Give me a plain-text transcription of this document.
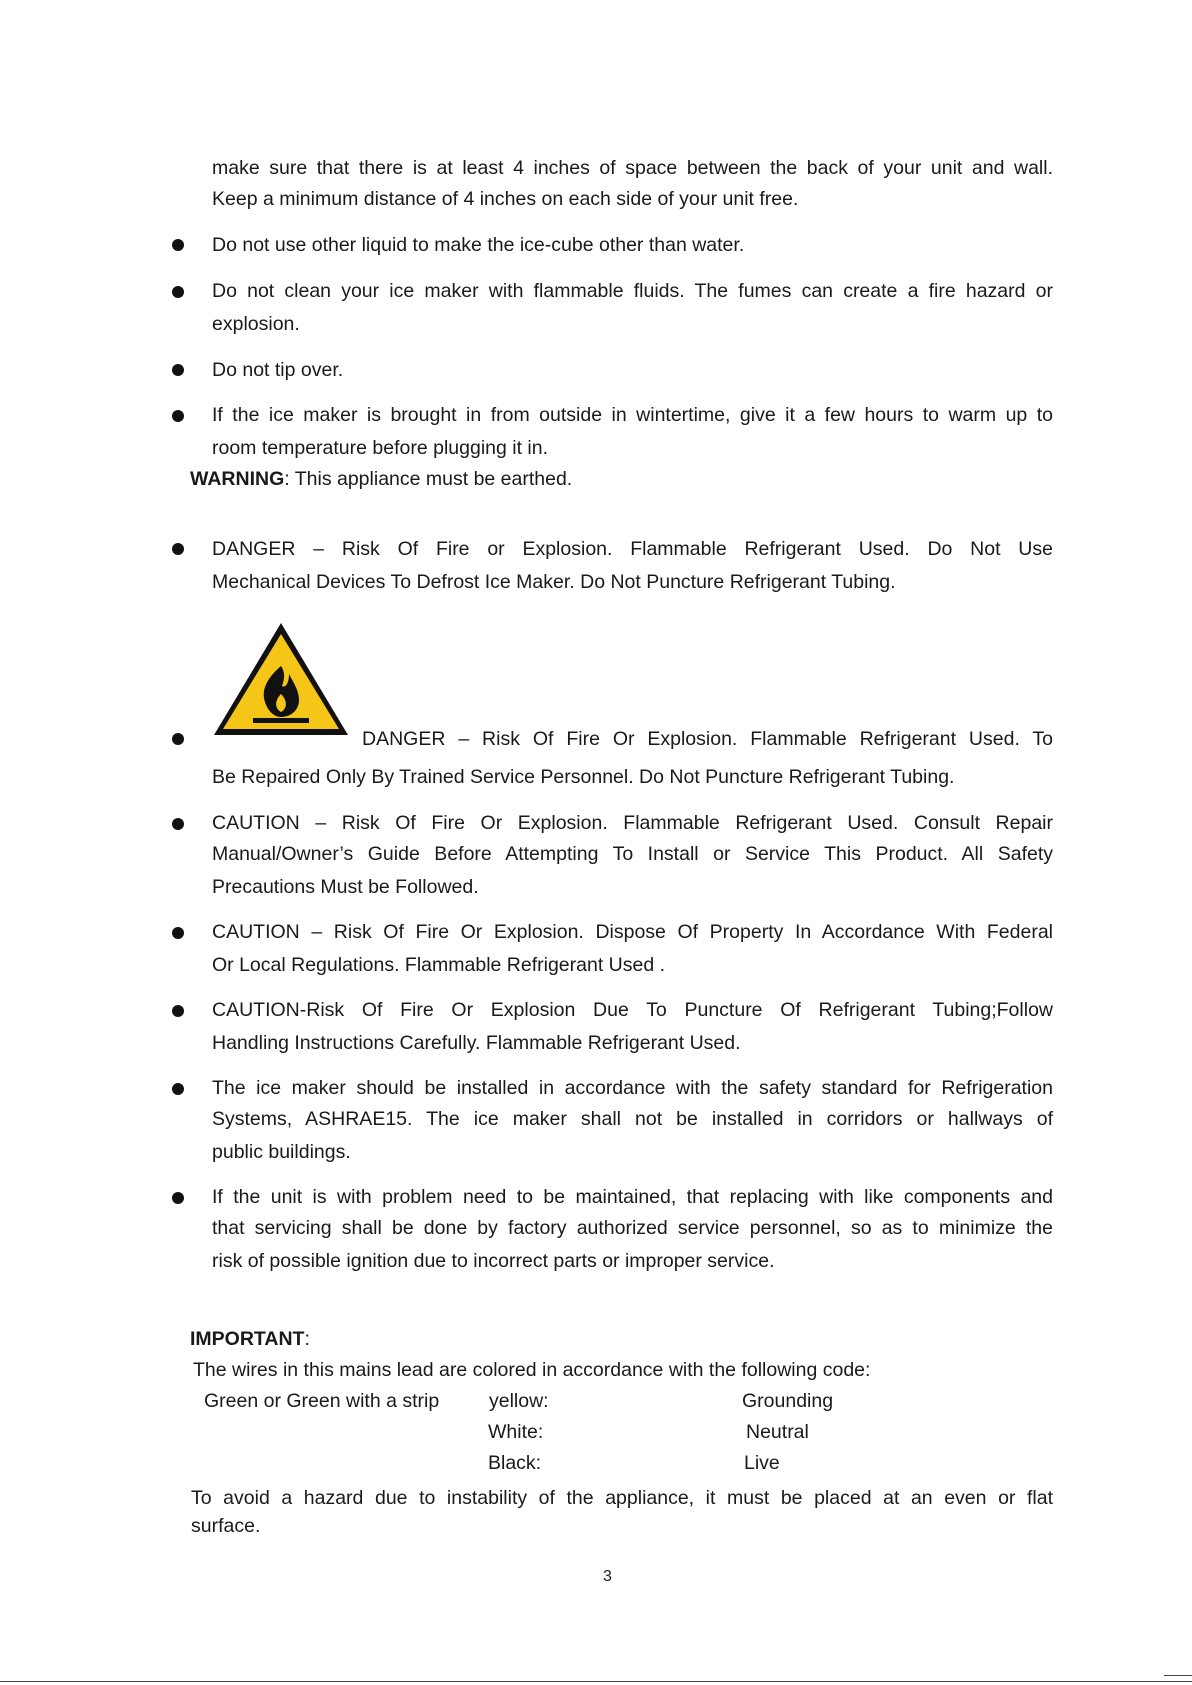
make sure that there is at least 4 inches of space between the back of your unit and wall.
Keep a minimum distance of 4 inches on each side of your unit free.
Do not use other liquid to make the ice-cube other than water.
Do not clean your ice maker with flammable fluids. The fumes can create a fire hazard or
explosion.
Do not tip over.
If the ice maker is brought in from outside in wintertime, give it a few hours to warm up to
room temperature before plugging it in.
WARNING: This appliance must be earthed.
DANGER – Risk Of Fire or Explosion. Flammable Refrigerant Used. Do Not Use
Mechanical Devices To Defrost Ice Maker. Do Not Puncture Refrigerant Tubing.
DANGER – Risk Of Fire Or Explosion. Flammable Refrigerant Used. To
Be Repaired Only By Trained Service Personnel. Do Not Puncture Refrigerant Tubing.
CAUTION – Risk Of Fire Or Explosion. Flammable Refrigerant Used. Consult Repair
Manual/Owner’s Guide Before Attempting To Install or Service This Product. All Safety
Precautions Must be Followed.
CAUTION – Risk Of Fire Or Explosion. Dispose Of Property In Accordance With Federal
Or Local Regulations. Flammable Refrigerant Used .
CAUTION-Risk Of Fire Or Explosion Due To Puncture Of Refrigerant Tubing;Follow
Handling Instructions Carefully. Flammable Refrigerant Used.
The ice maker should be installed in accordance with the safety standard for Refrigeration
Systems, ASHRAE15. The ice maker shall not be installed in corridors or hallways of
public buildings.
If the unit is with problem need to be maintained, that replacing with like components and
that servicing shall be done by factory authorized service personnel, so as to minimize the
risk of possible ignition due to incorrect parts or improper service.
IMPORTANT:
The wires in this mains lead are colored in accordance with the following code:
Green or Green with a strip	yellow:	Grounding
White:	Neutral
Black:	Live
To avoid a hazard due to instability of the appliance, it must be placed at an even or flat
surface.
3
